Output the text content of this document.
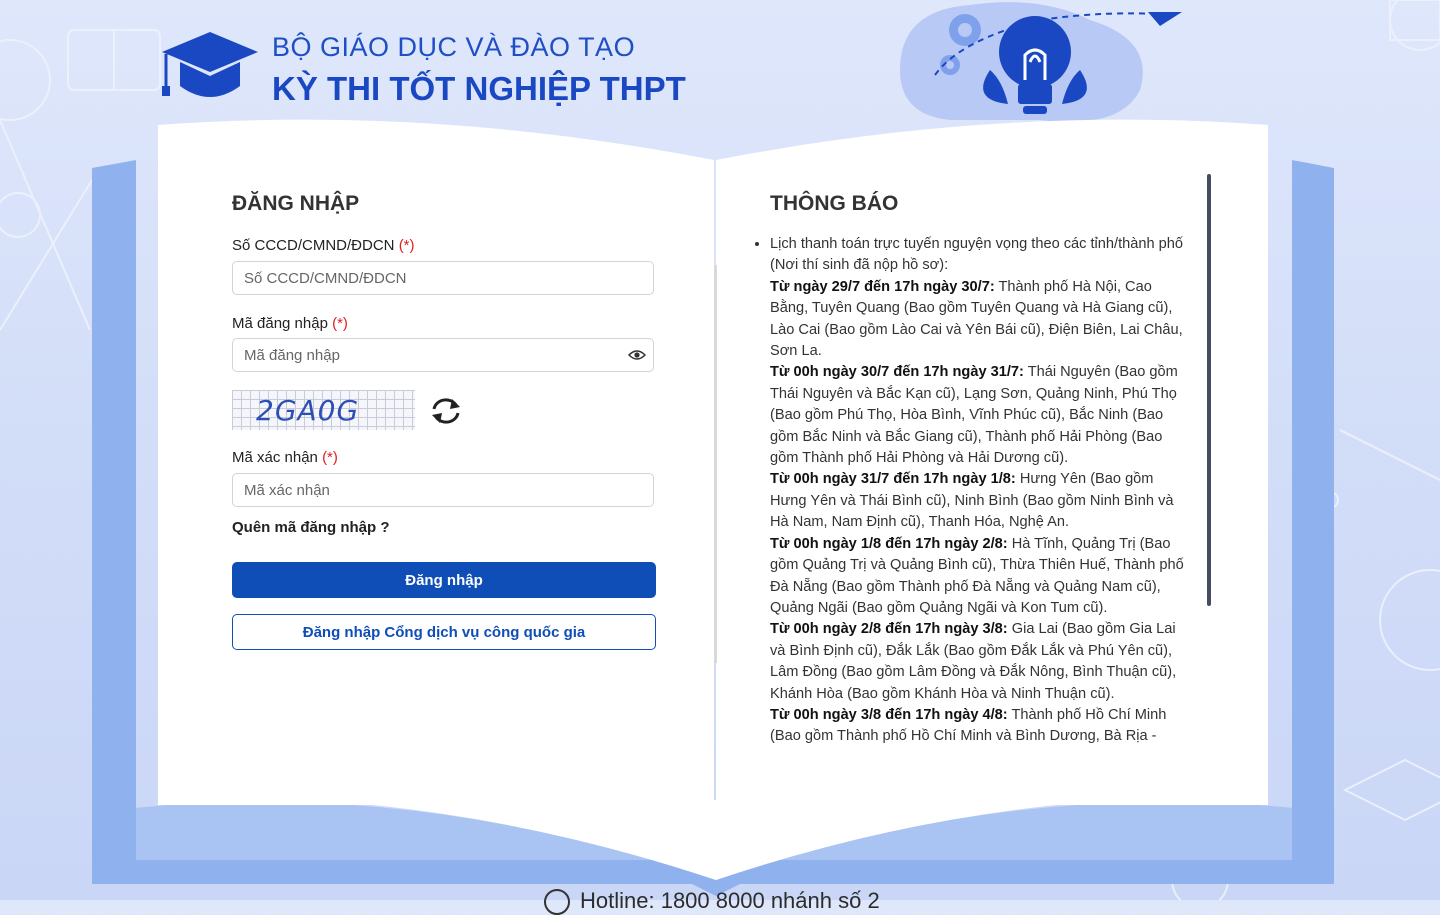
BỘ GIÁO DỤC VÀ ĐÀO TẠO
KỲ THI TỐT NGHIỆP THPT
ĐĂNG NHẬP
Số CCCD/CMND/ĐDCN (*)
Số CCCD/CMND/ĐDCN
Mã đăng nhập (*)
2GA0G
Mã xác nhận (*)
Mã xác nhận
Quên mã đăng nhập ?
Đăng nhập
Đăng nhập Cổng dịch vụ công quốc gia
THÔNG BÁO
• Lịch thanh toán trực tuyến nguyện vọng theo các tỉnh/thành phố (Nơi thí sinh đã nộp hồ sơ):
Từ ngày 29/7 đến 17h ngày 30/7: Thành phố Hà Nội, Cao Bằng, Tuyên Quang (Bao gồm Tuyên Quang và Hà Giang cũ), Lào Cai (Bao gồm Lào Cai và Yên Bái cũ), Điện Biên, Lai Châu, Sơn La.
Từ 00h ngày 30/7 đến 17h ngày 31/7: Thái Nguyên (Bao gồm Thái Nguyên và Bắc Kạn cũ), Lạng Sơn, Quảng Ninh, Phú Thọ (Bao gồm Phú Thọ, Hòa Bình, Vĩnh Phúc cũ), Bắc Ninh (Bao gồm Bắc Ninh và Bắc Giang cũ), Thành phố Hải Phòng (Bao gồm Thành phố Hải Phòng và Hải Dương cũ).
Từ 00h ngày 31/7 đến 17h ngày 1/8: Hưng Yên (Bao gồm Hưng Yên và Thái Bình cũ), Ninh Bình (Bao gồm Ninh Bình và Hà Nam, Nam Định cũ), Thanh Hóa, Nghệ An.
Từ 00h ngày 1/8 đến 17h ngày 2/8: Hà Tĩnh, Quảng Trị (Bao gồm Quảng Trị và Quảng Bình cũ), Thừa Thiên Huế, Thành phố Đà Nẵng (Bao gồm Thành phố Đà Nẵng và Quảng Nam cũ), Quảng Ngãi (Bao gồm Quảng Ngãi và Kon Tum cũ).
Từ 00h ngày 2/8 đến 17h ngày 3/8: Gia Lai (Bao gồm Gia Lai và Bình Định cũ), Đắk Lắk (Bao gồm Đắk Lắk và Phú Yên cũ), Lâm Đồng (Bao gồm Lâm Đồng và Đắk Nông, Bình Thuận cũ), Khánh Hòa (Bao gồm Khánh Hòa và Ninh Thuận cũ).
Từ 00h ngày 3/8 đến 17h ngày 4/8: Thành phố Hồ Chí Minh (Bao gồm Thành phố Hồ Chí Minh và Bình Dương, Bà Rịa -
Hotline: 1800 8000 nhánh số 2
